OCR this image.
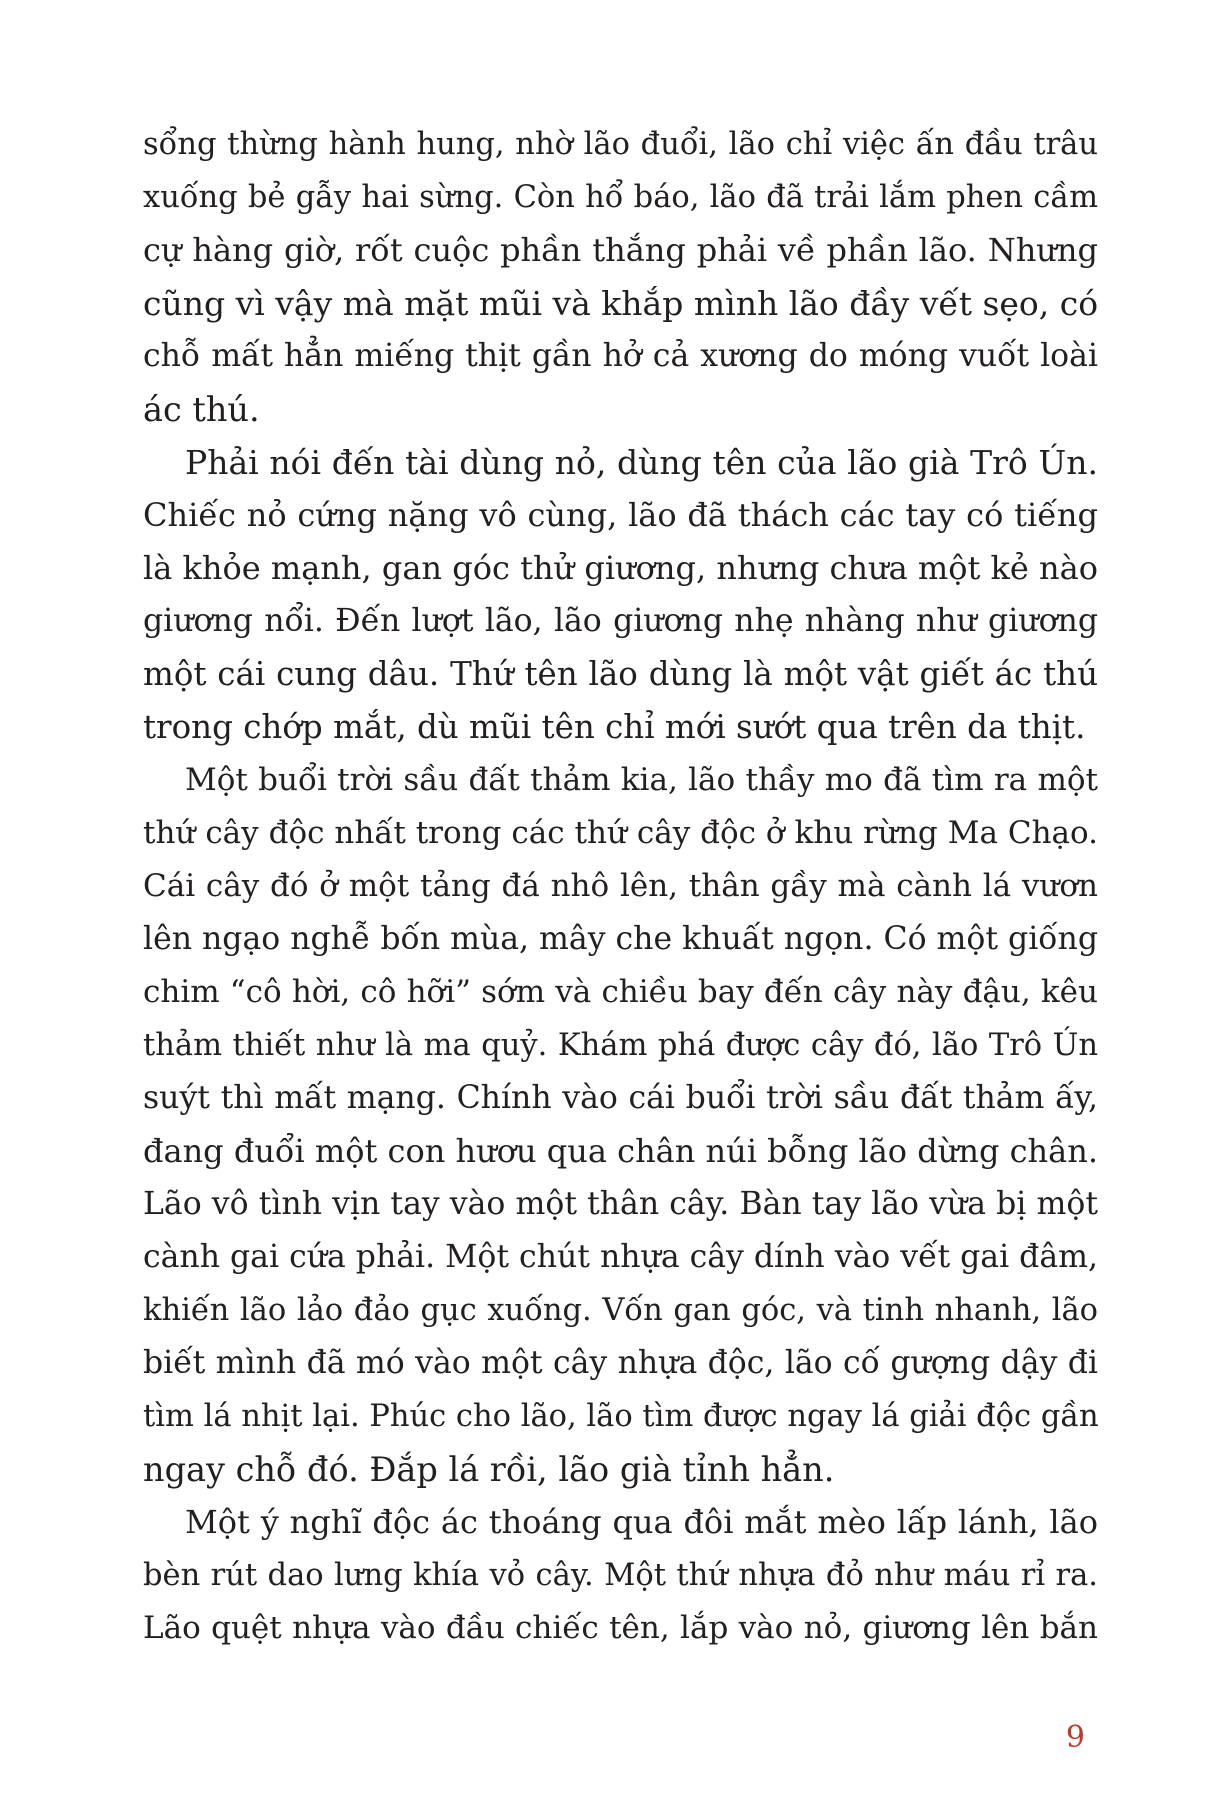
sổng thừng hành hung, nhờ lão đuổi, lão chỉ việc ấn đầu trâu
xuống bẻ gẫy hai sừng. Còn hổ báo, lão đã trải lắm phen cầm
cự hàng giờ, rốt cuộc phần thắng phải về phần lão. Nhưng
cũng vì vậy mà mặt mũi và khắp mình lão đầy vết sẹo, có
chỗ mất hẳn miếng thịt gần hở cả xương do móng vuốt loài
ác thú.
Phải nói đến tài dùng nỏ, dùng tên của lão già Trô Ún.
Chiếc nỏ cứng nặng vô cùng, lão đã thách các tay có tiếng
là khỏe mạnh, gan góc thử giương, nhưng chưa một kẻ nào
giương nổi. Đến lượt lão, lão giương nhẹ nhàng như giương
một cái cung dâu. Thứ tên lão dùng là một vật giết ác thú
trong chớp mắt, dù mũi tên chỉ mới sướt qua trên da thịt.
Một buổi trời sầu đất thảm kia, lão thầy mo đã tìm ra một
thứ cây độc nhất trong các thứ cây độc ở khu rừng Ma Chạo.
Cái cây đó ở một tảng đá nhô lên, thân gầy mà cành lá vươn
lên ngạo nghễ bốn mùa, mây che khuất ngọn. Có một giống
chim “cô hời, cô hỡi” sớm và chiều bay đến cây này đậu, kêu
thảm thiết như là ma quỷ. Khám phá được cây đó, lão Trô Ún
suýt thì mất mạng. Chính vào cái buổi trời sầu đất thảm ấy,
đang đuổi một con hươu qua chân núi bỗng lão dừng chân.
Lão vô tình vịn tay vào một thân cây. Bàn tay lão vừa bị một
cành gai cứa phải. Một chút nhựa cây dính vào vết gai đâm,
khiến lão lảo đảo gục xuống. Vốn gan góc, và tinh nhanh, lão
biết mình đã mó vào một cây nhựa độc, lão cố gượng dậy đi
tìm lá nhịt lại. Phúc cho lão, lão tìm được ngay lá giải độc gần
ngay chỗ đó. Đắp lá rồi, lão già tỉnh hẳn.
Một ý nghĩ độc ác thoáng qua đôi mắt mèo lấp lánh, lão
bèn rút dao lưng khía vỏ cây. Một thứ nhựa đỏ như máu rỉ ra.
Lão quệt nhựa vào đầu chiếc tên, lắp vào nỏ, giương lên bắn
9
